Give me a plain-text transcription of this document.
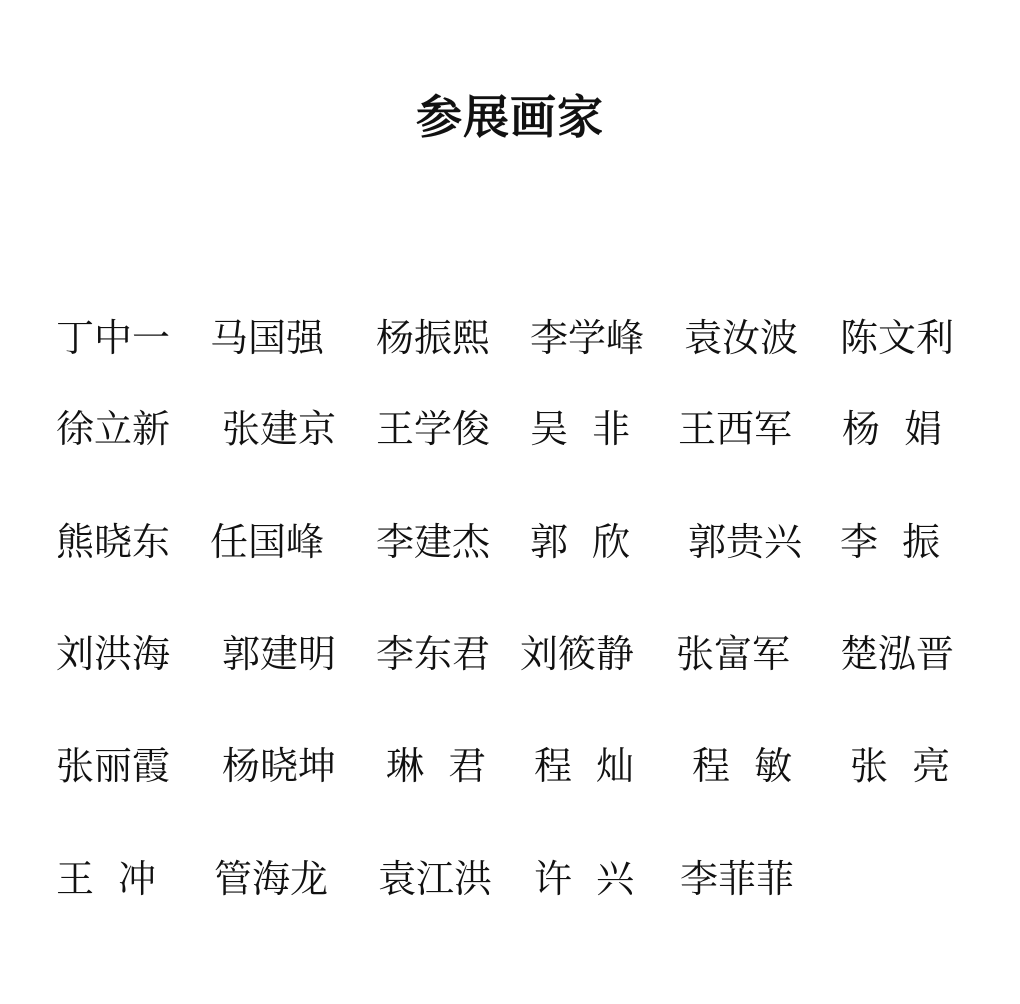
参展画家
丁中一 马国强 杨振熙 李学峰 袁汝波 陈文利
徐立新 张建京 王学俊 吴  非 王西军 杨  娟
熊晓东 任国峰 李建杰 郭  欣 郭贵兴 李  振
刘洪海 郭建明 李东君 刘筱静 张富军 楚泓晋
张丽霞 杨晓坤 琳  君 程  灿 程  敏 张  亮
王  冲 管海龙 袁江洪 许  兴 李菲菲
